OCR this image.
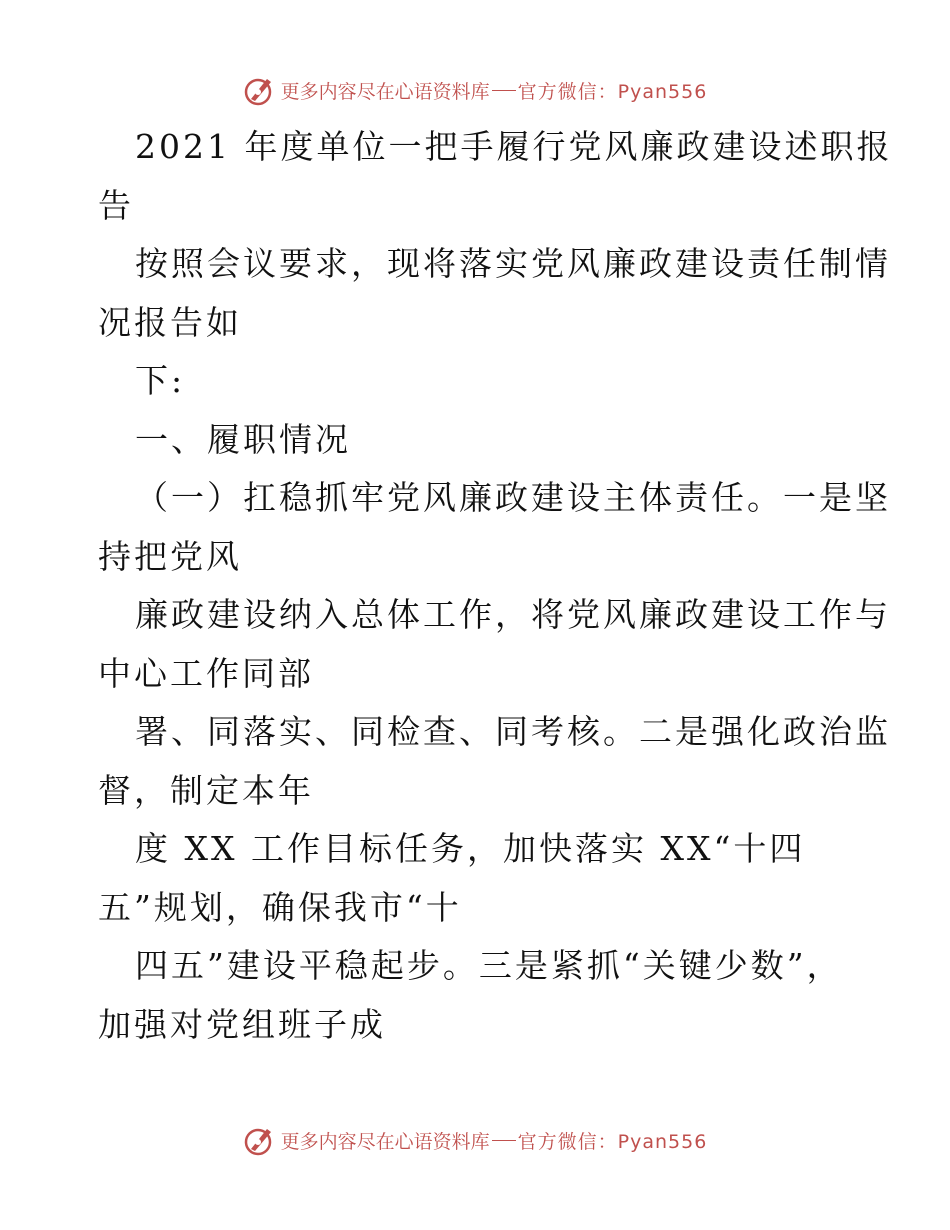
更多内容尽在心语资料库 官方微信：Pyan556
2021 年度单位一把手履行党风廉政建设述职报
告
按照会议要求，现将落实党风廉政建设责任制情
况报告如
下:
一、履职情况
（一）扛稳抓牢党风廉政建设主体责任。一是坚
持把党风
廉政建设纳入总体工作，将党风廉政建设工作与
中心工作同部
署、同落实、同检查、同考核。二是强化政治监
督，制定本年
度 XX 工作目标任务，加快落实 XX“十四
五”规划，确保我市“十
四五”建设平稳起步。三是紧抓“关键少数”，
加强对党组班子成
更多内容尽在心语资料库 官方微信：Pyan556
